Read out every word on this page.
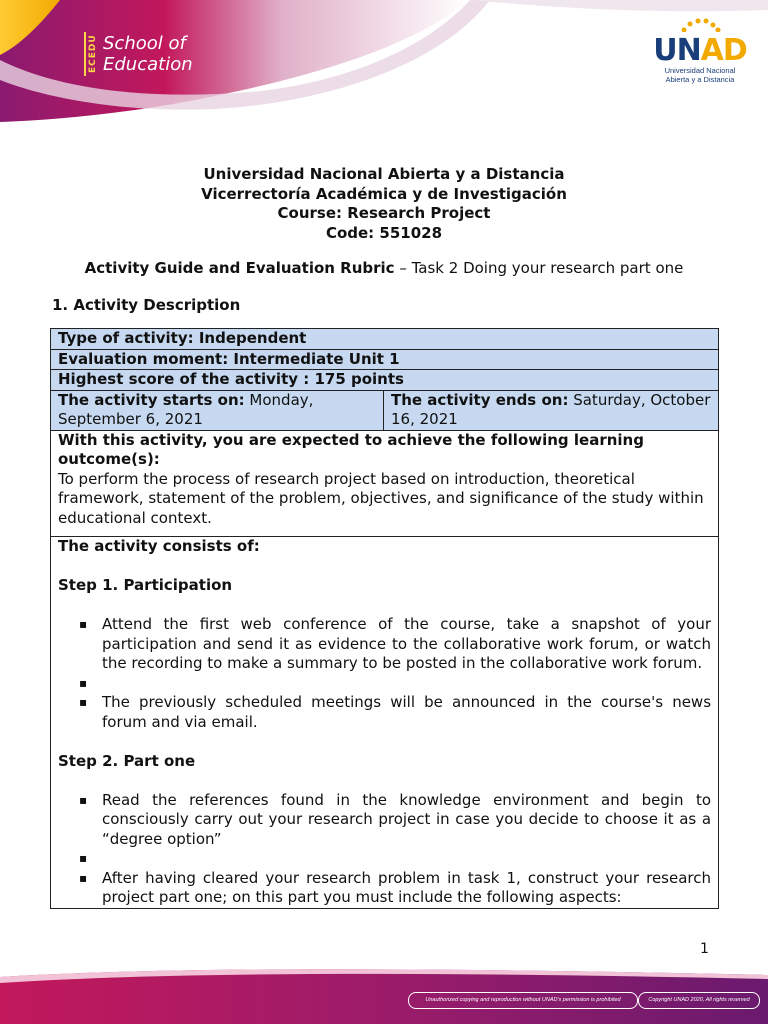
ECEDU School of
Education	UNAD
Universidad Nacional
Abierta y a Distancia
Universidad Nacional Abierta y a Distancia
Vicerrectoría Académica y de Investigación
Course: Research Project
Code: 551028
Activity Guide and Evaluation Rubric – Task 2 Doing your research part one
1. Activity Description
Type of activity: Independent
Evaluation moment: Intermediate Unit 1
Highest score of the activity : 175 points
The activity starts on: Monday, September 6, 2021	The activity ends on: Saturday, October 16, 2021

With this activity, you are expected to achieve the following learning outcome(s):
To perform the process of research project based on introduction, theoretical framework, statement of the problem, objectives, and significance of the study within educational context.

The activity consists of:
Step 1. Participation
▪ Attend the first web conference of the course, take a snapshot of your participation and send it as evidence to the collaborative work forum, or watch the recording to make a summary to be posted in the collaborative work forum.
▪
▪ The previously scheduled meetings will be announced in the course's news forum and via email.
Step 2. Part one
▪ Read the references found in the knowledge environment and begin to consciously carry out your research project in case you decide to choose it as a “degree option”
▪
▪ After having cleared your research problem in task 1, construct your research project part one; on this part you must include the following aspects:
1
Unauthorized copying and reproduction without UNAD's permission is prohibited	Copyright UNAD 2020, All rights reserved
